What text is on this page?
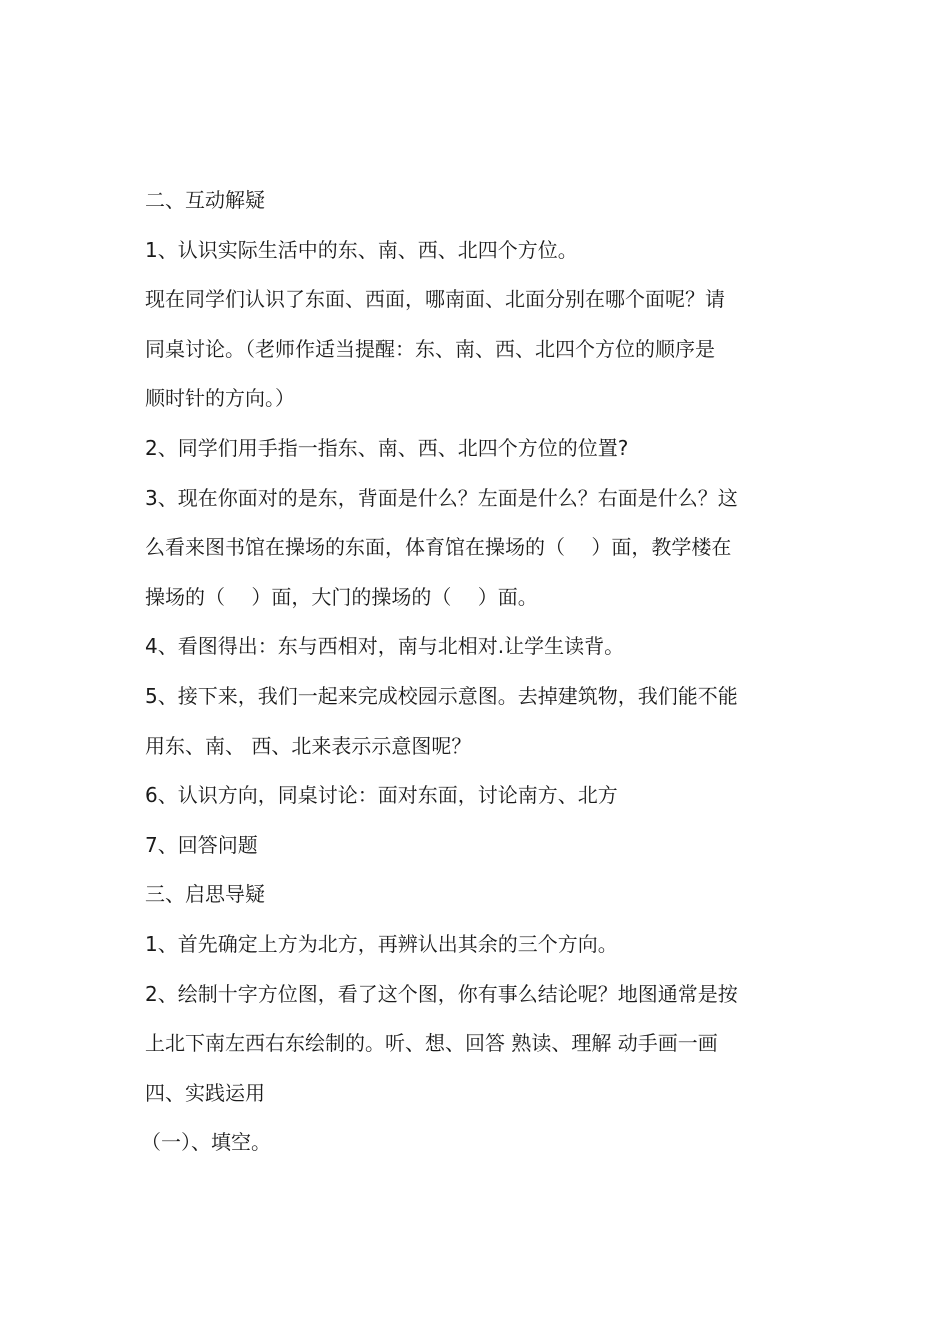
二、互动解疑
1、认识实际生活中的东、南、西、北四个方位。
现在同学们认识了东面、西面，哪南面、北面分别在哪个面呢？请
同桌讨论。（老师作适当提醒：东、南、西、北四个方位的顺序是
顺时针的方向。）
2、同学们用手指一指东、南、西、北四个方位的位置?
3、现在你面对的是东，背面是什么？左面是什么？右面是什么？这
么看来图书馆在操场的东面，体育馆在操场的（　 ）面，教学楼在
操场的（　 ）面，大门的操场的（　 ）面。
4、看图得出：东与西相对，南与北相对.让学生读背。
5、接下来，我们一起来完成校园示意图。去掉建筑物，我们能不能
用东、南、 西、北来表示示意图呢？
6、认识方向，同桌讨论：面对东面，讨论南方、北方
7、回答问题
三、启思导疑
1、首先确定上方为北方，再辨认出其余的三个方向。
2、绘制十字方位图，看了这个图，你有事么结论呢？地图通常是按
上北下南左西右东绘制的。听、想、回答 熟读、理解 动手画一画
四、实践运用
（一）、填空。
